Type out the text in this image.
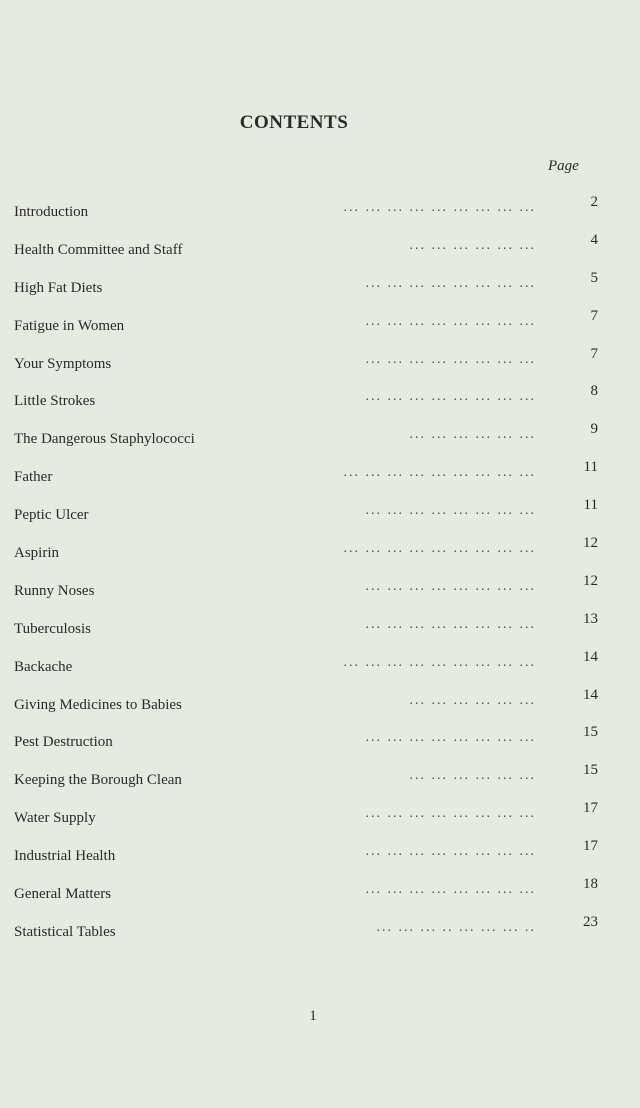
CONTENTS
Page
Introduction	... ... ... ... ... ... ... ... ...	2
Health Committee and Staff	... ... ... ... ... ...	4
High Fat Diets	... ... ... ... ... ... ... ...	5
Fatigue in Women	... ... ... ... ... ... ... ...	7
Your Symptoms	... ... ... ... ... ... ... ...	7
Little Strokes	... ... ... ... ... ... ... ...	8
The Dangerous Staphylococci	... ... ... ... ... ...	9
Father	... ... ... ... ... ... ... ... ...	11
Peptic Ulcer	... ... ... ... ... ... ... ...	11
Aspirin	... ... ... ... ... ... ... ... ...	12
Runny Noses	... ... ... ... ... ... ... ...	12
Tuberculosis	... ... ... ... ... ... ... ...	13
Backache	... ... ... ... ... ... ... ... ...	14
Giving Medicines to Babies	... ... ... ... ... ...	14
Pest Destruction	... ... ... ... ... ... ... ...	15
Keeping the Borough Clean	... ... ... ... ... ...	15
Water Supply	... ... ... ... ... ... ... ...	17
Industrial Health	... ... ... ... ... ... ... ...	17
General Matters	... ... ... ... ... ... ... ...	18
Statistical Tables	... ... ... .. ... ... ... ..	23
1
